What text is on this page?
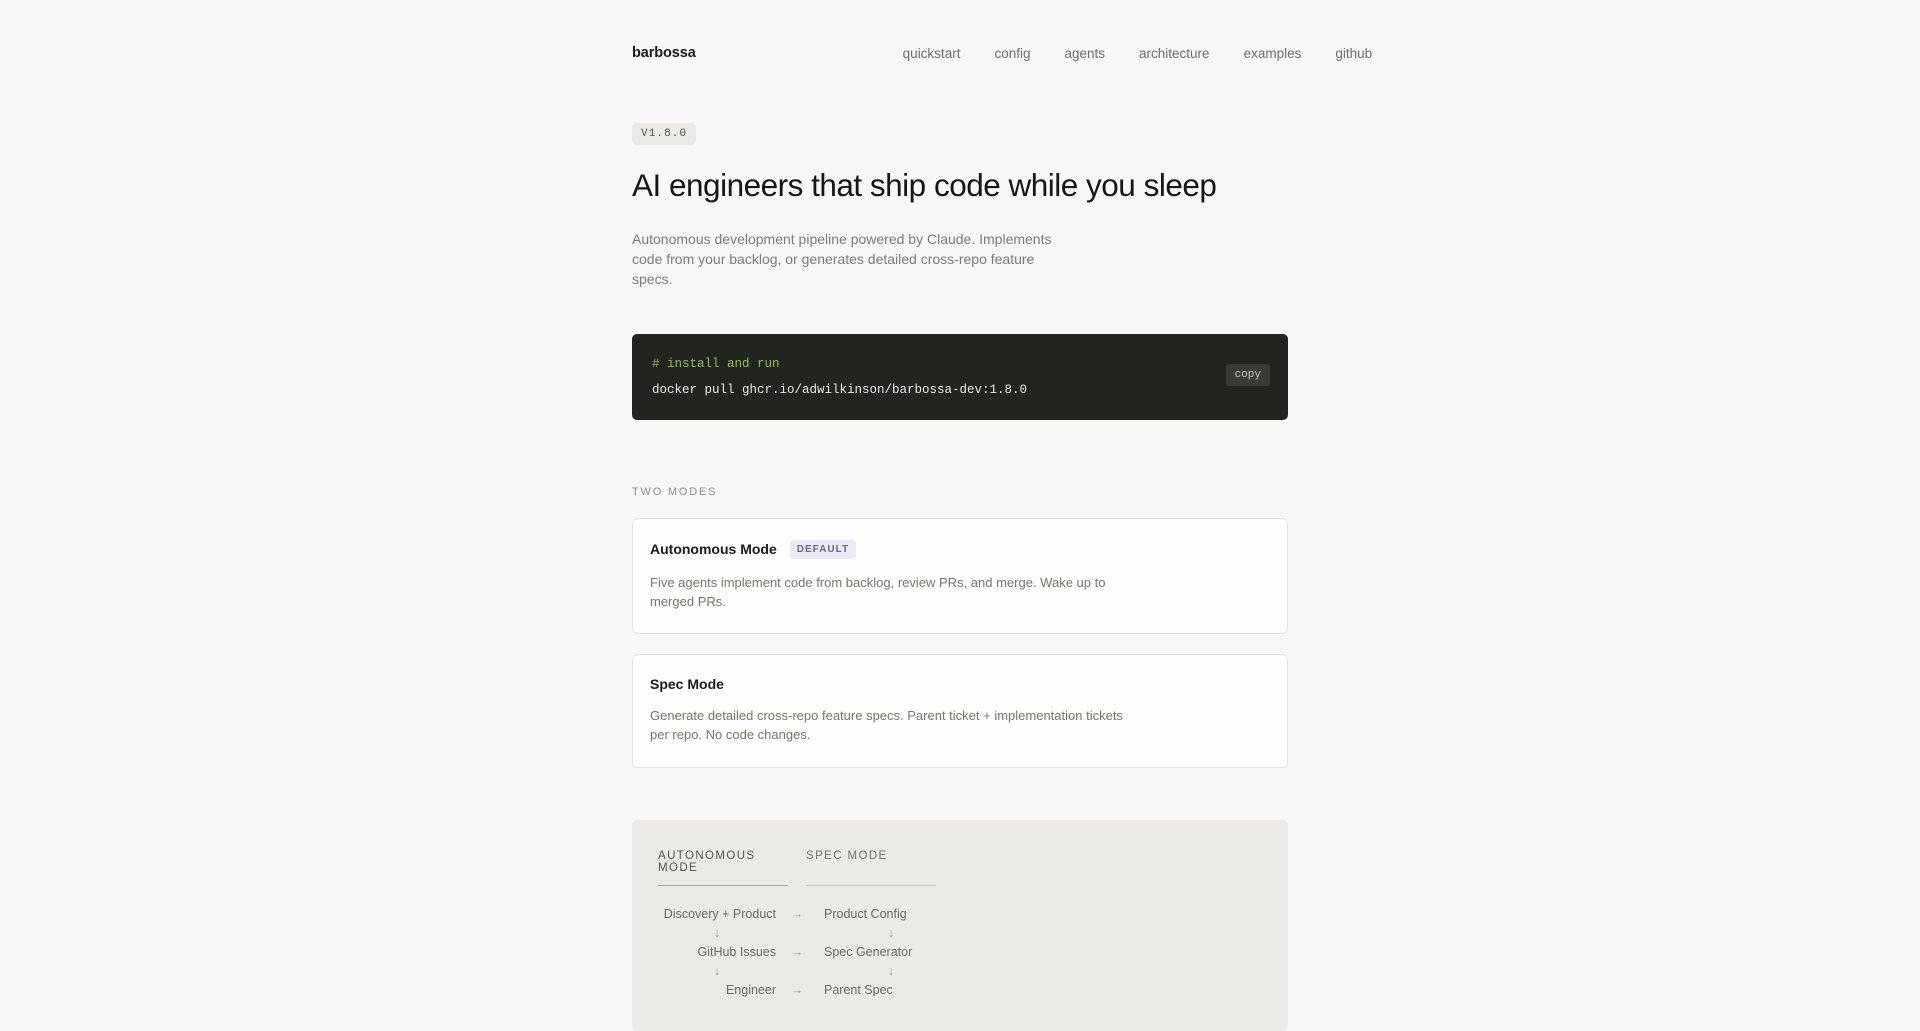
barbossa	quickstart	config	agents	architecture	examples	github
V1.8.0
AI engineers that ship code while you sleep

Autonomous development pipeline powered by Claude. Implements code from your backlog, or generates detailed cross-repo feature specs.

# install and run
docker pull ghcr.io/adwilkinson/barbossa-dev:1.8.0
copy
TWO MODES
Autonomous Mode	DEFAULT
Five agents implement code from backlog, review PRs, and merge. Wake up to merged PRs.
Spec Mode
Generate detailed cross-repo feature specs. Parent ticket + implementation tickets per repo. No code changes.
AUTONOMOUS MODE
SPEC MODE
Discovery + Product	→	Product Config
↓	↓
GitHub Issues	→	Spec Generator
↓	↓
Engineer	→	Parent Spec
